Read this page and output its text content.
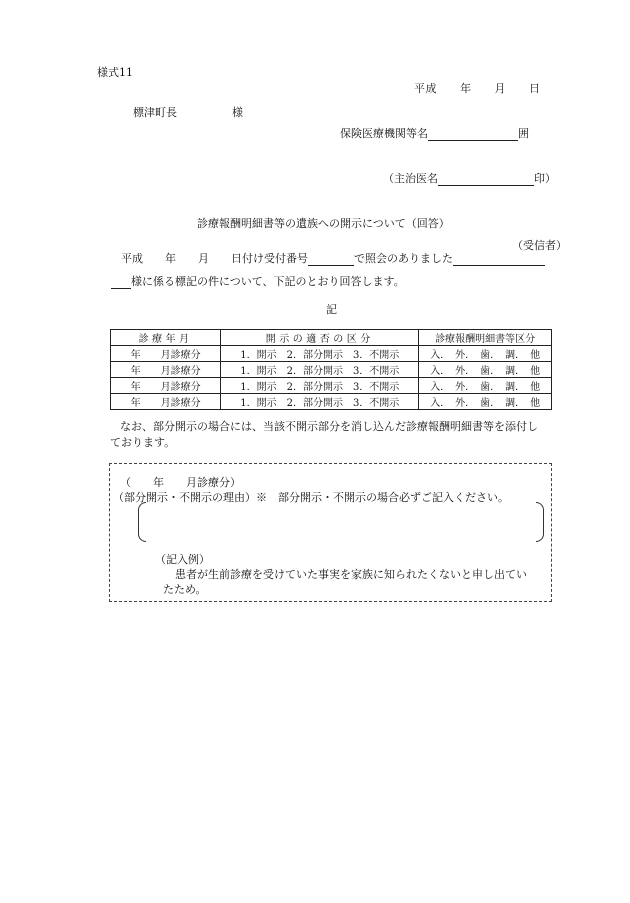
様式11
平成　　年　　月　　日
標津町長　　　　　様
保険医療機関等名	囲
（主治医名	印）
診療報酬明細書等の遺族への開示について（回答）
（受信者）
平成　　年　　月　　日付け受付番号	で照会のありました
様に係る標記の件について、下記のとおり回答します。
記
診療年月	開示の適否の区分	診療報酬明細書等区分
年　　月診療分	1．開示　2．部分開示　3．不開示	入．　外．　歯．　調．　他
年　　月診療分	1．開示　2．部分開示　3．不開示	入．　外．　歯．　調．　他
年　　月診療分	1．開示　2．部分開示　3．不開示	入．　外．　歯．　調．　他
年　　月診療分	1．開示　2．部分開示　3．不開示	入．　外．　歯．　調．　他
なお、部分開示の場合には、当該不開示部分を消し込んだ診療報酬明細書等を添付し
ております。
（　　年　　月診療分）
（部分開示・不開示の理由）※　部分開示・不開示の場合必ずご記入ください。
（記入例）
患者が生前診療を受けていた事実を家族に知られたくないと申し出てい
たため。
